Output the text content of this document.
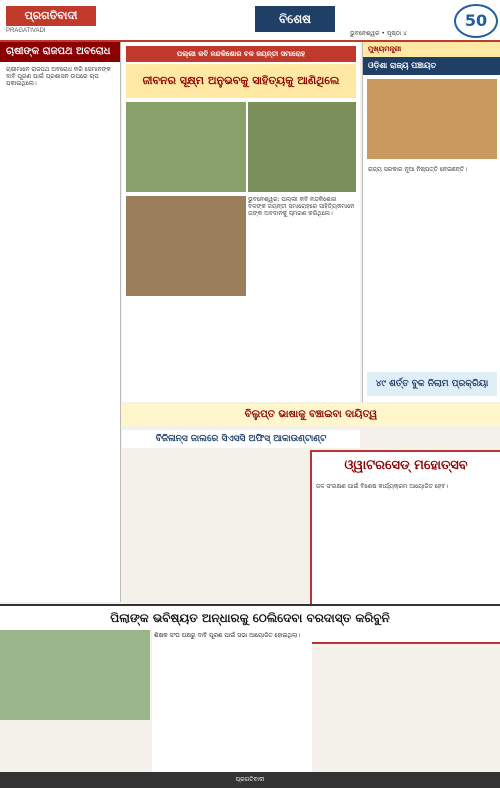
ପ୍ରଗତିବାଦୀ
PRAGATIVADI
ବିଶେଷ	50
ଭୁବନେଶ୍ୱର • ପୃଷ୍ଠା ୪
ଚାଷୀଙ୍କ ରାଜପଥ ଅବରୋଧ
ଚାଷୀମାନେ ରାଜପଥ ଅବରୋଧ କରି ସେମାନଙ୍କ ଦାବି ପୂରଣ ପାଇଁ ପ୍ରଶାସନ ଉପରେ ଚାପ ପକାଇଥିଲେ।
ପଲ୍ଲୀ କବି ନନ୍ଦକିଶୋର ବଳ ଜୟନ୍ତୀ ସମାରୋହ
ଜୀବନର ସୂକ୍ଷ୍ମ ଅନୁଭବକୁ ସାହିତ୍ୟକୁ ଆଣିଥିଲେ
ଭୁବନେଶ୍ୱର: ପଲ୍ଲୀ କବି ନନ୍ଦକିଶୋର ବଳଙ୍କ ଜୟନ୍ତୀ ସମାରୋହରେ ସାହିତ୍ୟିକମାନେ ତାଙ୍କ ଅବଦାନକୁ ସ୍ମରଣ କରିଥିଲେ।
ମୁଖ୍ୟମନ୍ତ୍ରୀ
ଓଡ଼ିଶା ରାଜ୍ୟ ପଞ୍ଚାୟତ
ରାଜ୍ୟ ସରକାର ନୂଆ ନିଷ୍ପତ୍ତି ନେଇଛନ୍ତି।
୪୯ ଶର୍ତ୍ତ ବୁକ ନିଲାମ ପ୍ରକ୍ରିୟା
ବିଲୁପ୍ତ ଭାଷାକୁ ବଞ୍ଚାଇବା ଦାୟିତ୍ୱ
ବିଜିଳାନ୍ସ ଜାଲରେ ସିଏସସି ଅଫିସ୍ ଆକାଉଣ୍ଟାଣ୍ଟ
ଓ୍ୱାଟରସେଡ୍ ମହୋତ୍ସବ
ଜଳ ସଂରକ୍ଷଣ ପାଇଁ ବିଶେଷ କାର୍ଯ୍ୟକ୍ରମ ଆୟୋଜିତ ହେବ।
ପିଲାଙ୍କ ଭବିଷ୍ୟତ ଅନ୍ଧାରକୁ ଠେଲିଦେବା ବରଦାସ୍ତ କରିବୁନି
ଶିକ୍ଷକ ସଂଘ ପକ୍ଷରୁ ଦାବି ପୂରଣ ପାଇଁ ସଭା ଆୟୋଜିତ ହୋଇଥିଲା।
ପ୍ରଗତିବାଦୀ
